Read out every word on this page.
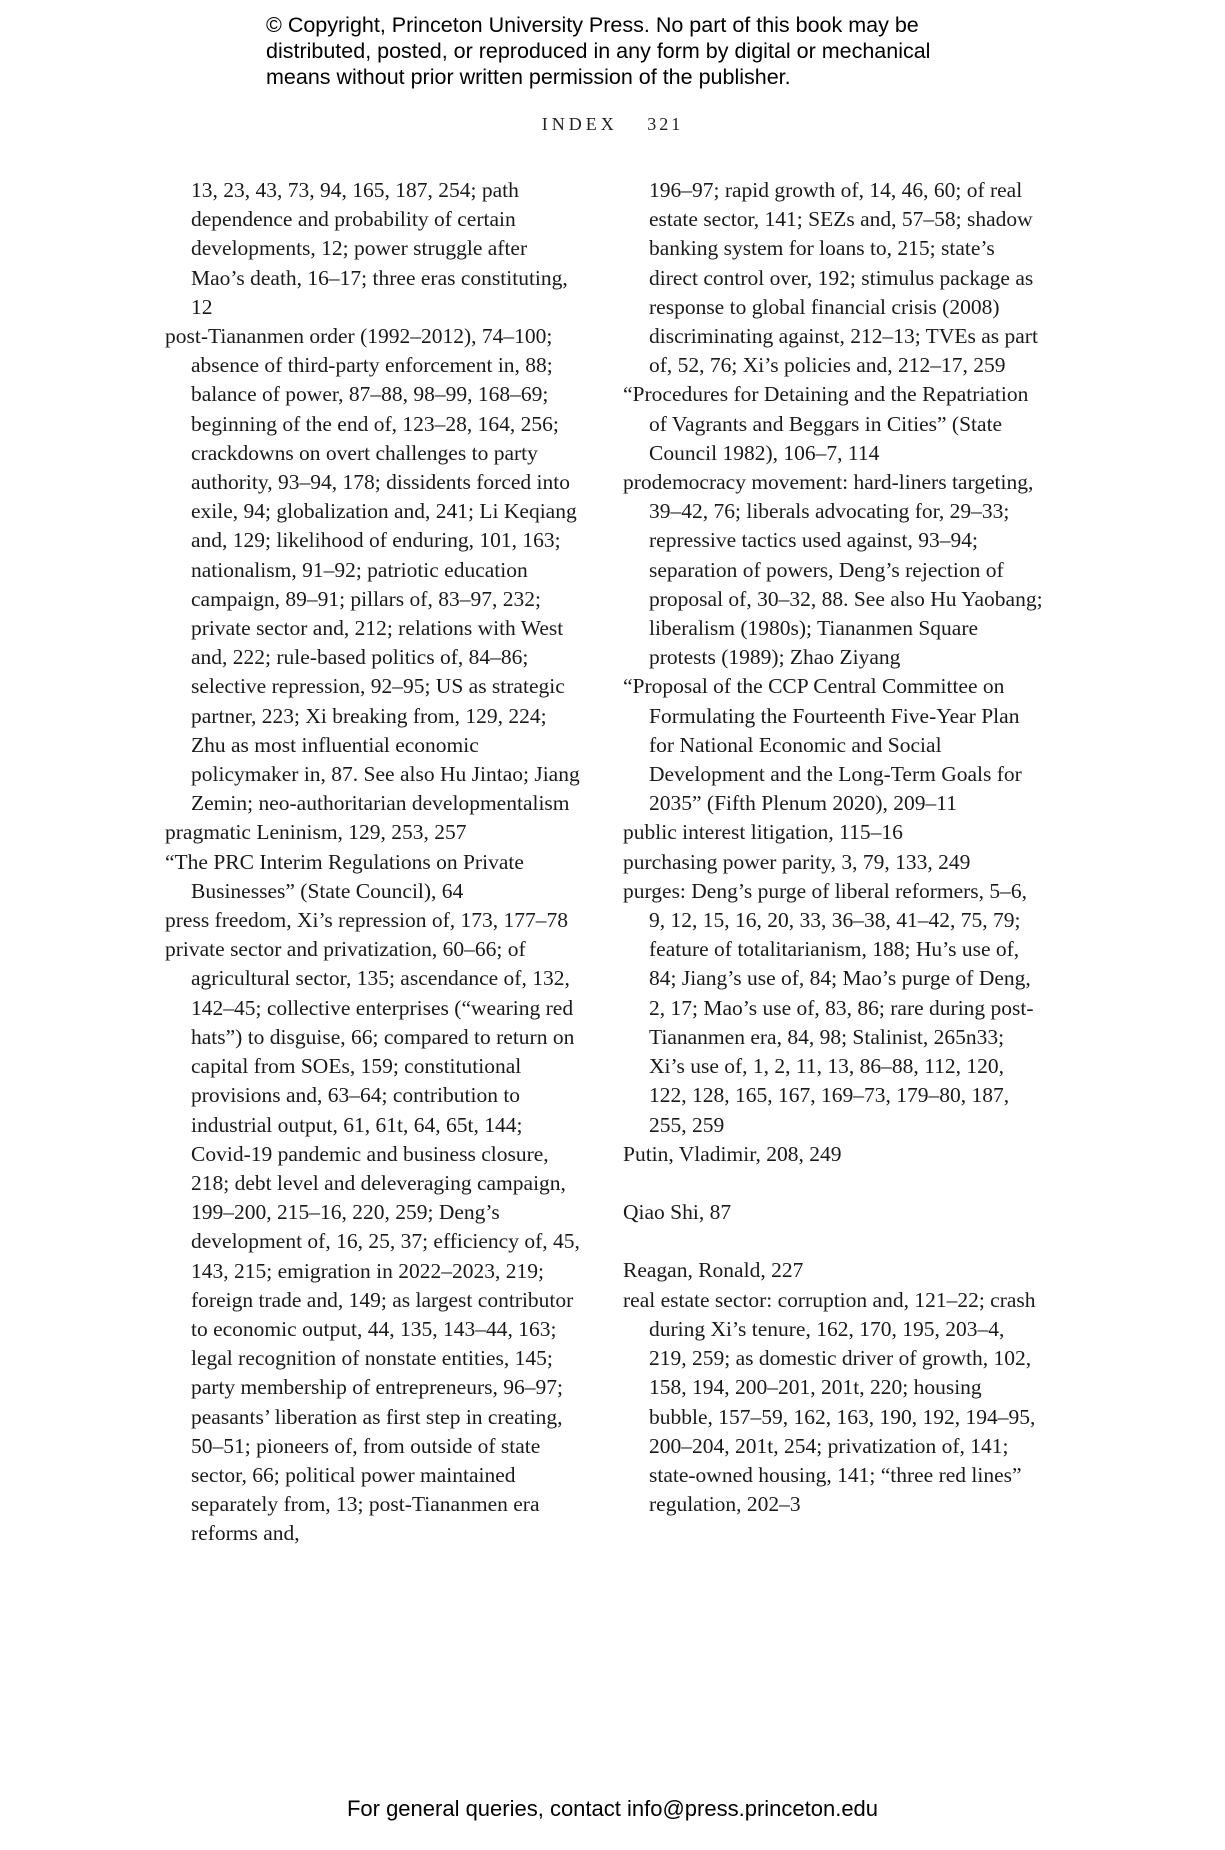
© Copyright, Princeton University Press. No part of this book may be
distributed, posted, or reproduced in any form by digital or mechanical
means without prior written permission of the publisher.
INDEX 321
13, 23, 43, 73, 94, 165, 187, 254; path dependence and probability of certain developments, 12; power struggle after Mao’s death, 16–17; three eras constituting, 12
post-Tiananmen order (1992–2012), 74–100; absence of third-party enforcement in, 88; balance of power, 87–88, 98–99, 168–69; beginning of the end of, 123–28, 164, 256; crackdowns on overt challenges to party authority, 93–94, 178; dissidents forced into exile, 94; globalization and, 241; Li Keqiang and, 129; likelihood of enduring, 101, 163; nationalism, 91–92; patriotic education campaign, 89–91; pillars of, 83–97, 232; private sector and, 212; relations with West and, 222; rule-based politics of, 84–86; selective repression, 92–95; US as strategic partner, 223; Xi breaking from, 129, 224; Zhu as most influential economic policymaker in, 87. See also Hu Jintao; Jiang Zemin; neo-authoritarian developmentalism
pragmatic Leninism, 129, 253, 257
“The PRC Interim Regulations on Private Businesses” (State Council), 64
press freedom, Xi’s repression of, 173, 177–78
private sector and privatization, 60–66; of agricultural sector, 135; ascendance of, 132, 142–45; collective enterprises (“wearing red hats”) to disguise, 66; compared to return on capital from SOEs, 159; constitutional provisions and, 63–64; contribution to industrial output, 61, 61t, 64, 65t, 144; Covid-19 pandemic and business closure, 218; debt level and deleveraging campaign, 199–200, 215–16, 220, 259; Deng’s development of, 16, 25, 37; efficiency of, 45, 143, 215; emigration in 2022–2023, 219; foreign trade and, 149; as largest contributor to economic output, 44, 135, 143–44, 163; legal recognition of nonstate entities, 145; party membership of entrepreneurs, 96–97; peasants’ liberation as first step in creating, 50–51; pioneers of, from outside of state sector, 66; political power maintained separately from, 13; post-Tiananmen era reforms and,
196–97; rapid growth of, 14, 46, 60; of real estate sector, 141; SEZs and, 57–58; shadow banking system for loans to, 215; state’s direct control over, 192; stimulus package as response to global financial crisis (2008) discriminating against, 212–13; TVEs as part of, 52, 76; Xi’s policies and, 212–17, 259
“Procedures for Detaining and the Repatriation of Vagrants and Beggars in Cities” (State Council 1982), 106–7, 114
prodemocracy movement: hard-liners targeting, 39–42, 76; liberals advocating for, 29–33; repressive tactics used against, 93–94; separation of powers, Deng’s rejection of proposal of, 30–32, 88. See also Hu Yaobang; liberalism (1980s); Tiananmen Square protests (1989); Zhao Ziyang
“Proposal of the CCP Central Committee on Formulating the Fourteenth Five-Year Plan for National Economic and Social Development and the Long-Term Goals for 2035” (Fifth Plenum 2020), 209–11
public interest litigation, 115–16
purchasing power parity, 3, 79, 133, 249
purges: Deng’s purge of liberal reformers, 5–6, 9, 12, 15, 16, 20, 33, 36–38, 41–42, 75, 79; feature of totalitarianism, 188; Hu’s use of, 84; Jiang’s use of, 84; Mao’s purge of Deng, 2, 17; Mao’s use of, 83, 86; rare during post-Tiananmen era, 84, 98; Stalinist, 265n33; Xi’s use of, 1, 2, 11, 13, 86–88, 112, 120, 122, 128, 165, 167, 169–73, 179–80, 187, 255, 259
Putin, Vladimir, 208, 249
Qiao Shi, 87
Reagan, Ronald, 227
real estate sector: corruption and, 121–22; crash during Xi’s tenure, 162, 170, 195, 203–4, 219, 259; as domestic driver of growth, 102, 158, 194, 200–201, 201t, 220; housing bubble, 157–59, 162, 163, 190, 192, 194–95, 200–204, 201t, 254; privatization of, 141; state-owned housing, 141; “three red lines” regulation, 202–3
For general queries, contact info@press.princeton.edu
